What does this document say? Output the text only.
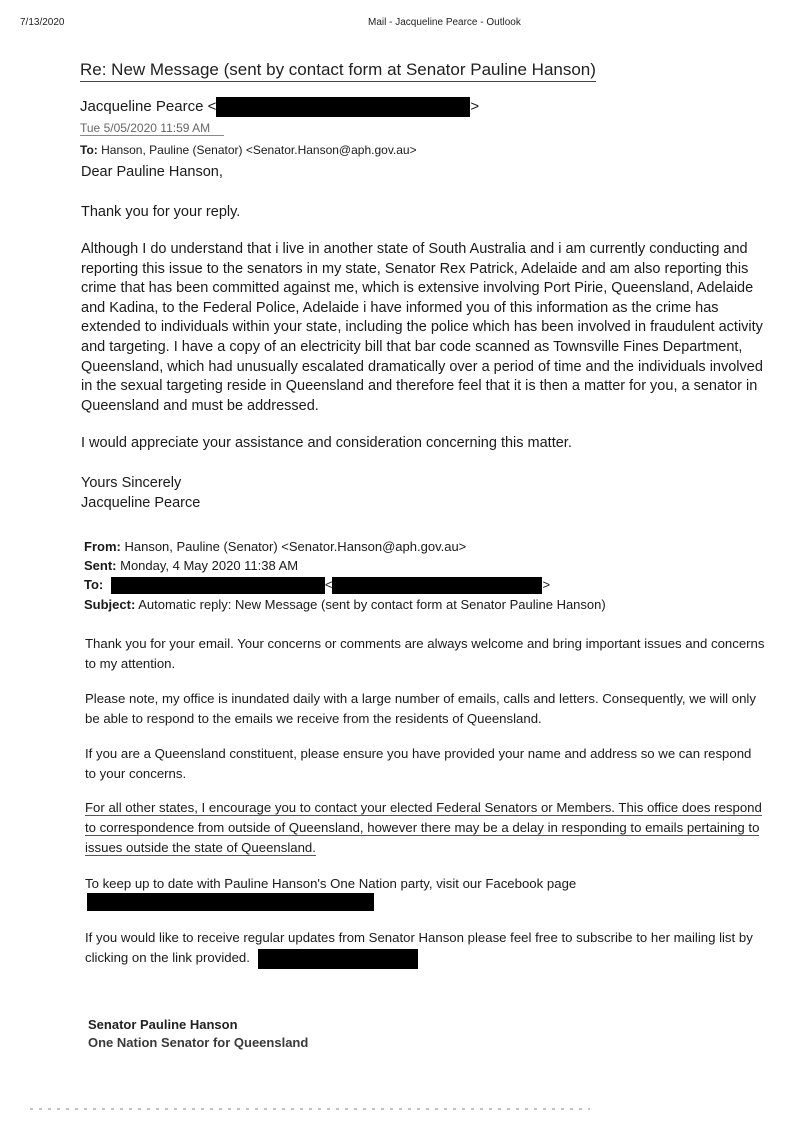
7/13/2020	Mail - Jacqueline Pearce - Outlook
Re: New Message (sent by contact form at Senator Pauline Hanson)
Jacqueline Pearce <	>
Tue 5/05/2020 11:59 AM
To: Hanson, Pauline (Senator) <Senator.Hanson@aph.gov.au>
Dear Pauline Hanson,
Thank you for your reply.
Although I do understand that i live in another state of South Australia and i am currently conducting and reporting this issue to the senators in my state, Senator Rex Patrick, Adelaide and am also reporting this crime that has been committed against me, which is extensive involving Port Pirie, Queensland, Adelaide and Kadina, to the Federal Police, Adelaide i have informed you of this information as the crime has extended to individuals within your state, including the police which has been involved in fraudulent activity and targeting. I have a copy of an electricity bill that bar code scanned as Townsville Fines Department, Queensland, which had unusually escalated dramatically over a period of time and the individuals involved in the sexual targeting reside in Queensland and therefore feel that it is then a matter for you, a senator in Queensland and must be addressed.
I would appreciate your assistance and consideration concerning this matter.
Yours Sincerely
Jacqueline Pearce
From: Hanson, Pauline (Senator) <Senator.Hanson@aph.gov.au>
Sent: Monday, 4 May 2020 11:38 AM
To:	<	>
Subject: Automatic reply: New Message (sent by contact form at Senator Pauline Hanson)
Thank you for your email. Your concerns or comments are always welcome and bring important issues and concerns to my attention.
Please note, my office is inundated daily with a large number of emails, calls and letters. Consequently, we will only be able to respond to the emails we receive from the residents of Queensland.
If you are a Queensland constituent, please ensure you have provided your name and address so we can respond to your concerns.
For all other states, I encourage you to contact your elected Federal Senators or Members. This office does respond to correspondence from outside of Queensland, however there may be a delay in responding to emails pertaining to issues outside the state of Queensland.
To keep up to date with Pauline Hanson's One Nation party, visit our Facebook page
If you would like to receive regular updates from Senator Hanson please feel free to subscribe to her mailing list by clicking on the link provided.
Senator Pauline Hanson
One Nation Senator for Queensland
